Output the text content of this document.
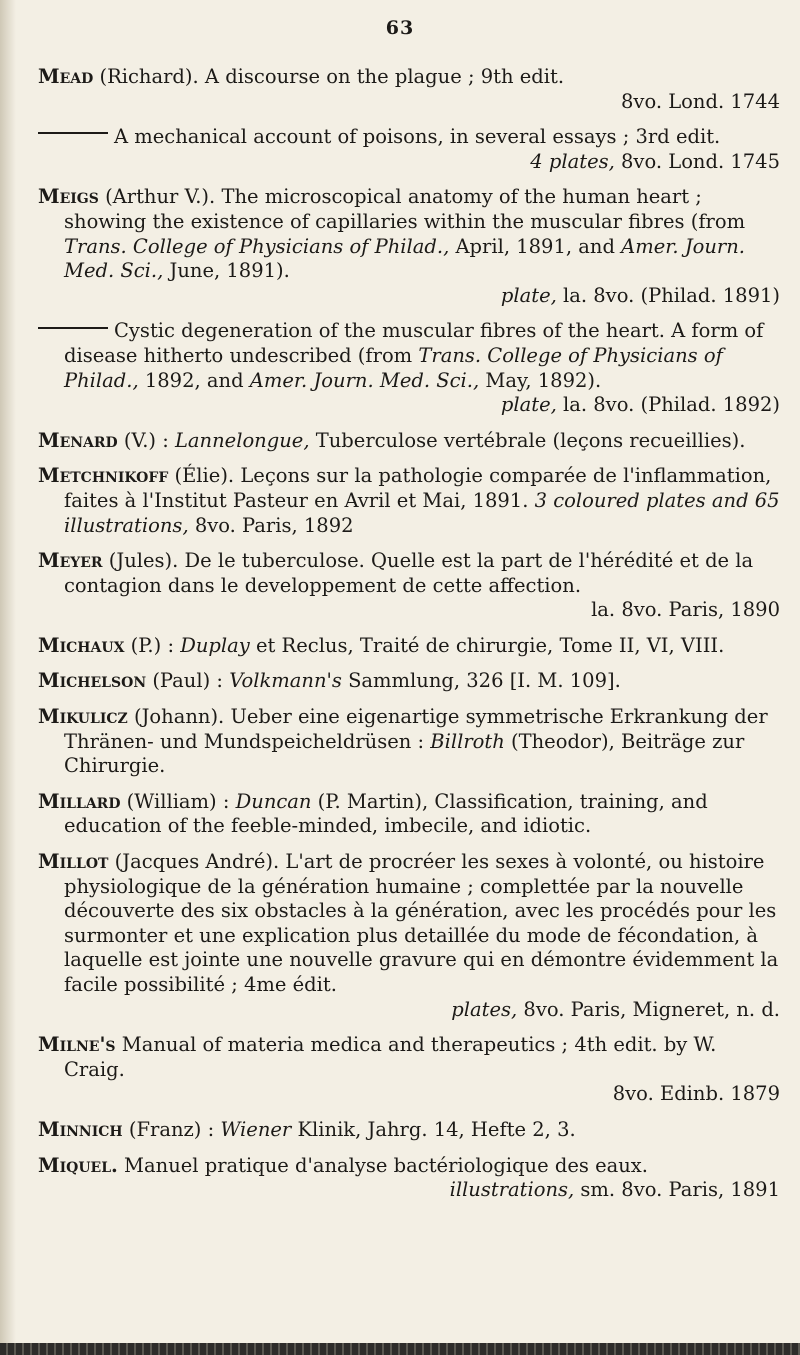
63

Mead (Richard). A discourse on the plague ; 9th edit.

8vo. Lond. 1744

A mechanical account of poisons, in several essays ; 3rd edit.

4 plates, 8vo. Lond. 1745

Meigs (Arthur V.). The microscopical anatomy of the human heart ; showing the existence of capillaries within the muscular fibres (from Trans. College of Physicians of Philad., April, 1891, and Amer. Journ. Med. Sci., June, 1891).

plate, la. 8vo. (Philad. 1891)

Cystic degeneration of the muscular fibres of the heart. A form of disease hitherto undescribed (from Trans. College of Physicians of Philad., 1892, and Amer. Journ. Med. Sci., May, 1892).

plate, la. 8vo. (Philad. 1892)

Menard (V.) : Lannelongue, Tuberculose vertébrale (leçons recueillies).

Metchnikoff (Élie). Leçons sur la pathologie comparée de l'inflammation, faites à l'Institut Pasteur en Avril et Mai, 1891. 3 coloured plates and 65 illustrations, 8vo. Paris, 1892

Meyer (Jules). De le tuberculose. Quelle est la part de l'hérédité et de la contagion dans le developpement de cette affection.

la. 8vo. Paris, 1890

Michaux (P.) : Duplay et Reclus, Traité de chirurgie, Tome II, VI, VIII.

Michelson (Paul) : Volkmann's Sammlung, 326 [I. M. 109].

Mikulicz (Johann). Ueber eine eigenartige symmetrische Erkrankung der Thränen- und Mundspeicheldrüsen : Billroth (Theodor), Beiträge zur Chirurgie.

Millard (William) : Duncan (P. Martin), Classification, training, and education of the feeble-minded, imbecile, and idiotic.

Millot (Jacques André). L'art de procréer les sexes à volonté, ou histoire physiologique de la génération humaine ; complettée par la nouvelle découverte des six obstacles à la génération, avec les procédés pour les surmonter et une explication plus detaillée du mode de fécondation, à laquelle est jointe une nouvelle gravure qui en démontre évidemment la facile possibilité ; 4me édit.

plates, 8vo. Paris, Migneret, n. d.

Milne's Manual of materia medica and therapeutics ; 4th edit. by W. Craig.

8vo. Edinb. 1879

Minnich (Franz) : Wiener Klinik, Jahrg. 14, Hefte 2, 3.

Miquel. Manuel pratique d'analyse bactériologique des eaux.

illustrations, sm. 8vo. Paris, 1891
